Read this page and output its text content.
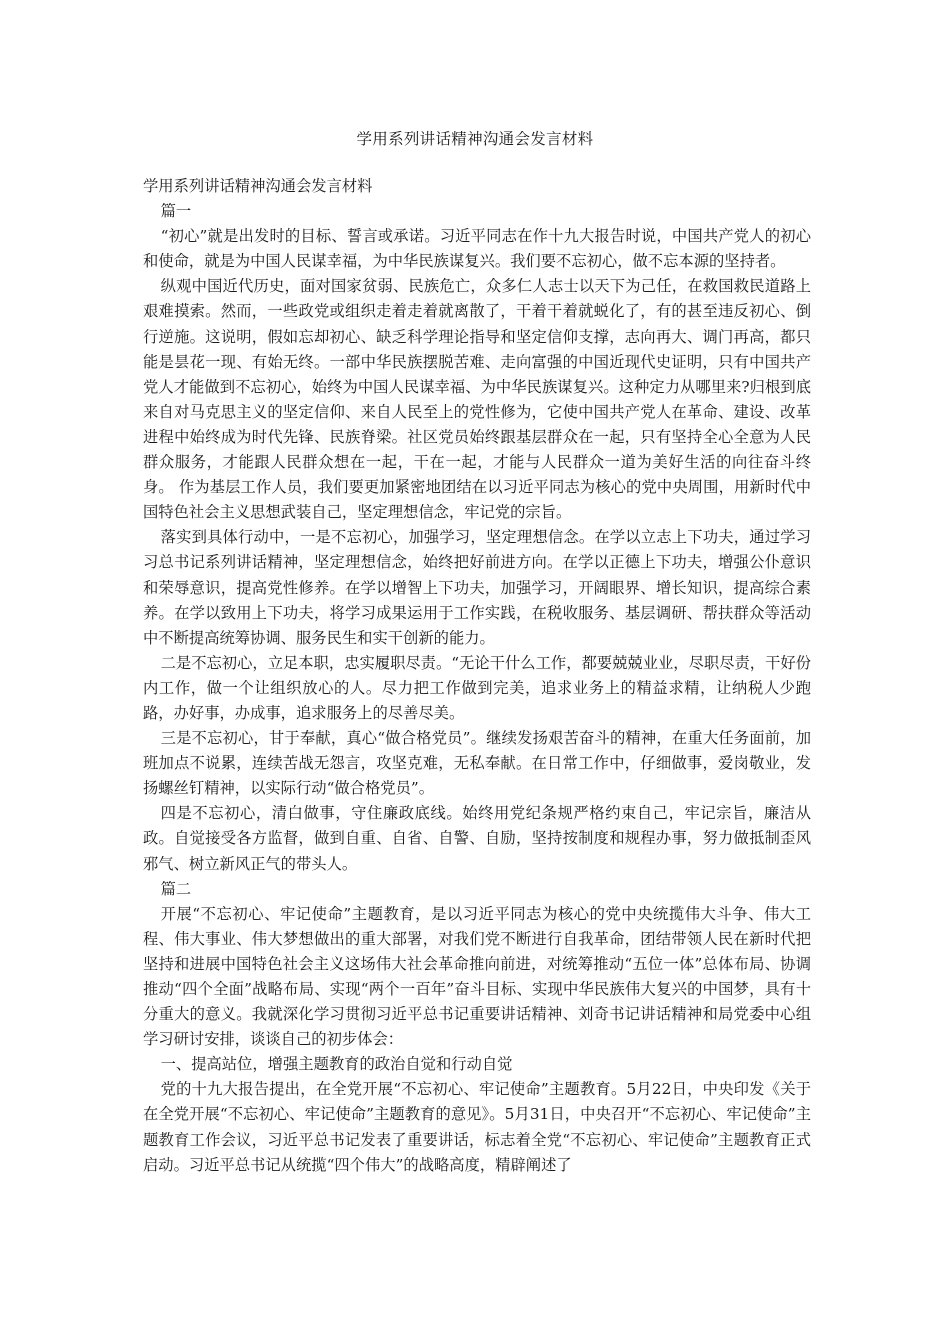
学用系列讲话精神沟通会发言材料

学用系列讲话精神沟通会发言材料

篇一

“初心”就是出发时的目标、誓言或承诺。习近平同志在作十九大报告时说，中国共产党人的初心和使命，就是为中国人民谋幸福，为中华民族谋复兴。我们要不忘初心，做不忘本源的坚持者。

纵观中国近代历史，面对国家贫弱、民族危亡，众多仁人志士以天下为己任，在救国救民道路上艰难摸索。然而，一些政党或组织走着走着就离散了，干着干着就蜕化了，有的甚至违反初心、倒行逆施。这说明，假如忘却初心、缺乏科学理论指导和坚定信仰支撑，志向再大、调门再高，都只能是昙花一现、有始无终。一部中华民族摆脱苦难、走向富强的中国近现代史证明，只有中国共产党人才能做到不忘初心，始终为中国人民谋幸福、为中华民族谋复兴。这种定力从哪里来?归根到底来自对马克思主义的坚定信仰、来自人民至上的党性修为，它使中国共产党人在革命、建设、改革进程中始终成为时代先锋、民族脊梁。社区党员始终跟基层群众在一起，只有坚持全心全意为人民群众服务，才能跟人民群众想在一起，干在一起，才能与人民群众一道为美好生活的向往奋斗终身。 作为基层工作人员，我们要更加紧密地团结在以习近平同志为核心的党中央周围，用新时代中国特色社会主义思想武装自己，坚定理想信念，牢记党的宗旨。

落实到具体行动中，一是不忘初心，加强学习，坚定理想信念。在学以立志上下功夫，通过学习习总书记系列讲话精神，坚定理想信念，始终把好前进方向。在学以正德上下功夫，增强公仆意识和荣辱意识，提高党性修养。在学以增智上下功夫，加强学习，开阔眼界、增长知识，提高综合素养。在学以致用上下功夫，将学习成果运用于工作实践，在税收服务、基层调研、帮扶群众等活动中不断提高统筹协调、服务民生和实干创新的能力。

二是不忘初心，立足本职，忠实履职尽责。“无论干什么工作，都要兢兢业业，尽职尽责，干好份内工作，做一个让组织放心的人。尽力把工作做到完美，追求业务上的精益求精，让纳税人少跑路，办好事，办成事，追求服务上的尽善尽美。

三是不忘初心，甘于奉献，真心“做合格党员”。继续发扬艰苦奋斗的精神，在重大任务面前，加班加点不说累，连续苦战无怨言，攻坚克难，无私奉献。在日常工作中，仔细做事，爱岗敬业，发扬螺丝钉精神，以实际行动“做合格党员”。

四是不忘初心，清白做事，守住廉政底线。始终用党纪条规严格约束自己，牢记宗旨，廉洁从政。自觉接受各方监督，做到自重、自省、自警、自励，坚持按制度和规程办事，努力做抵制歪风邪气、树立新风正气的带头人。

篇二

开展“不忘初心、牢记使命”主题教育，是以习近平同志为核心的党中央统揽伟大斗争、伟大工程、伟大事业、伟大梦想做出的重大部署，对我们党不断进行自我革命，团结带领人民在新时代把坚持和进展中国特色社会主义这场伟大社会革命推向前进，对统筹推动“五位一体”总体布局、协调推动“四个全面”战略布局、实现“两个一百年”奋斗目标、实现中华民族伟大复兴的中国梦，具有十分重大的意义。我就深化学习贯彻习近平总书记重要讲话精神、刘奇书记讲话精神和局党委中心组学习研讨安排，谈谈自己的初步体会：

一、提高站位，增强主题教育的政治自觉和行动自觉

党的十九大报告提出，在全党开展“不忘初心、牢记使命”主题教育。5月22日，中央印发《关于在全党开展“不忘初心、牢记使命”主题教育的意见》。5月31日，中央召开“不忘初心、牢记使命”主题教育工作会议，习近平总书记发表了重要讲话，标志着全党“不忘初心、牢记使命”主题教育正式启动。习近平总书记从统揽“四个伟大”的战略高度，精辟阐述了
